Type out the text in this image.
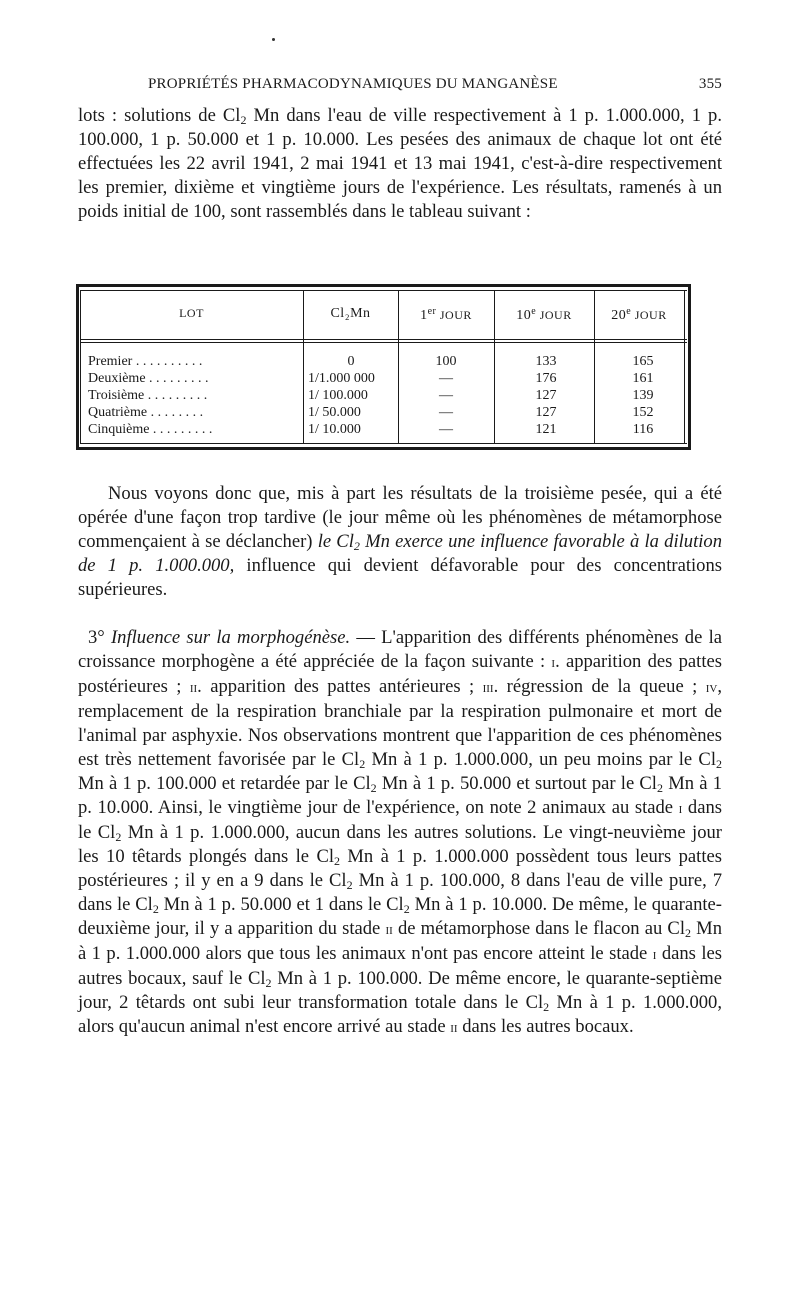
PROPRIÉTÉS PHARMACODYNAMIQUES DU MANGANÈSE	355

lots : solutions de $Cl_2$ Mn dans l'eau de ville respectivement à 1 p. 1.000.000, 1 p. 100.000, 1 p. 50.000 et 1 p. 10.000. Les pesées des animaux de chaque lot ont été effectuées les 22 avril 1941, 2 mai 1941 et 13 mai 1941, c'est-à-dire respectivement les premier, dixième et vingtième jours de l'expérience. Les résultats, ramenés à un poids initial de 100, sont rassemblés dans le tableau suivant :

LOT	Cl₂Mn	1er JOUR	10e JOUR	20e JOUR
Premier . . . . . . . . . .	0	100	133	165
Deuxième . . . . . . . . .	1/1.000 000	—	176	161
Troisième . . . . . . . . .	1/ 100.000	—	127	139
Quatrième . . . . . . . .	1/ 50.000	—	127	152
Cinquième . . . . . . . . .	1/ 10.000	—	121	116

Nous voyons donc que, mis à part les résultats de la troisième pesée, qui a été opérée d'une façon trop tardive (le jour même où les phénomènes de métamorphose commençaient à se déclancher) le $Cl_2$ Mn exerce une influence favorable à la dilution de 1 p. 1.000.000, influence qui devient défavorable pour des concentrations supérieures.

3° Influence sur la morphogénèse. — L'apparition des différents phénomènes de la croissance morphogène a été appréciée de la façon suivante : i. apparition des pattes postérieures ; ii. apparition des pattes antérieures ; iii. régression de la queue ; iv, remplacement de la respiration branchiale par la respiration pulmonaire et mort de l'animal par asphyxie. Nos observations montrent que l'apparition de ces phénomènes est très nettement favorisée par le $Cl_2$ Mn à 1 p. 1.000.000, un peu moins par le $Cl_2$ Mn à 1 p. 100.000 et retardée par le $Cl_2$ Mn à 1 p. 50.000 et surtout par le $Cl_2$ Mn à 1 p. 10.000. Ainsi, le vingtième jour de l'expérience, on note 2 animaux au stade i dans le $Cl_2$ Mn à 1 p. 1.000.000, aucun dans les autres solutions. Le vingt-neuvième jour les 10 têtards plongés dans le $Cl_2$ Mn à 1 p. 1.000.000 possèdent tous leurs pattes postérieures ; il y en a 9 dans le $Cl_2$ Mn à 1 p. 100.000, 8 dans l'eau de ville pure, 7 dans le $Cl_2$ Mn à 1 p. 50.000 et 1 dans le $Cl_2$ Mn à 1 p. 10.000. De même, le quarante-deuxième jour, il y a apparition du stade ii de métamorphose dans le flacon au $Cl_2$ Mn à 1 p. 1.000.000 alors que tous les animaux n'ont pas encore atteint le stade i dans les autres bocaux, sauf le $Cl_2$ Mn à 1 p. 100.000. De même encore, le quarante-septième jour, 2 têtards ont subi leur transformation totale dans le $Cl_2$ Mn à 1 p. 1.000.000, alors qu'aucun animal n'est encore arrivé au stade ii dans les autres bocaux.
